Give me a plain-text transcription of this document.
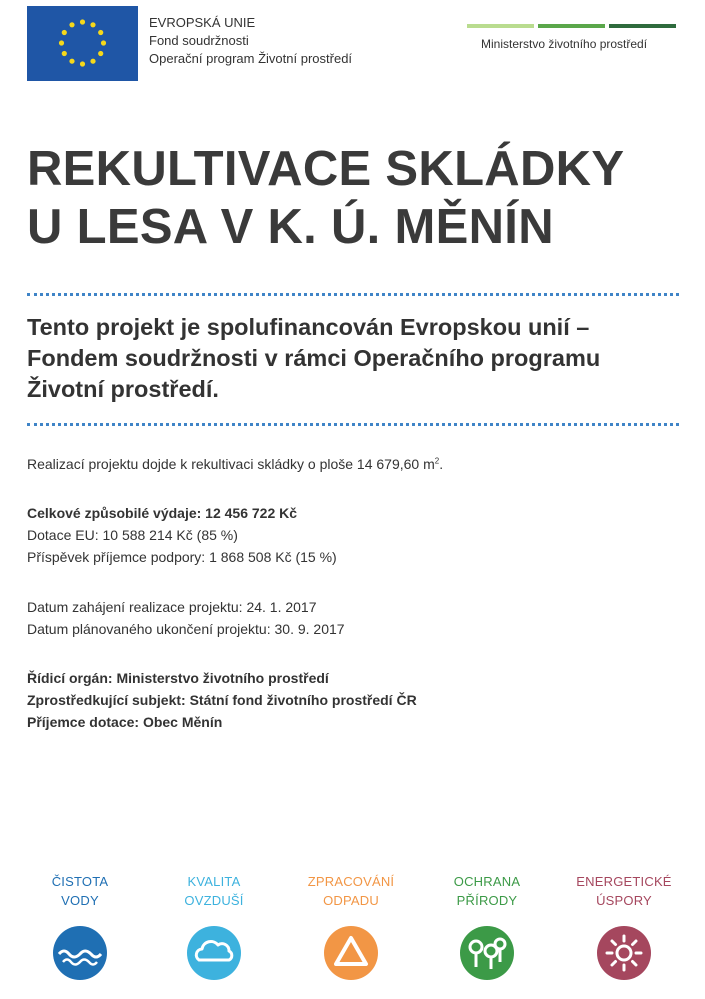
EVROPSKÁ UNIE
Fond soudržnosti
Operační program Životní prostředí
Ministerstvo životního prostředí
REKULTIVACE SKLÁDKY
U LESA V K. Ú. MĚNÍN
Tento projekt je spolufinancován Evropskou unií –
Fondem soudržnosti v rámci Operačního programu
Životní prostředí.
Realizací projektu dojde k rekultivaci skládky o ploše 14 679,60 $m^2$.
Celkové způsobilé výdaje: 12 456 722 Kč
Dotace EU: 10 588 214 Kč (85 %)
Příspěvek příjemce podpory: 1 868 508 Kč (15 %)
Datum zahájení realizace projektu: 24. 1. 2017
Datum plánovaného ukončení projektu: 30. 9. 2017
Řídicí orgán: Ministerstvo životního prostředí
Zprostředkující subjekt: Státní fond životního prostředí ČR
Příjemce dotace: Obec Měnín
ČISTOTA
VODY
KVALITA
OVZDUŠÍ
ZPRACOVÁNÍ
ODPADU
OCHRANA
PŘÍRODY
ENERGETICKÉ
ÚSPORY
